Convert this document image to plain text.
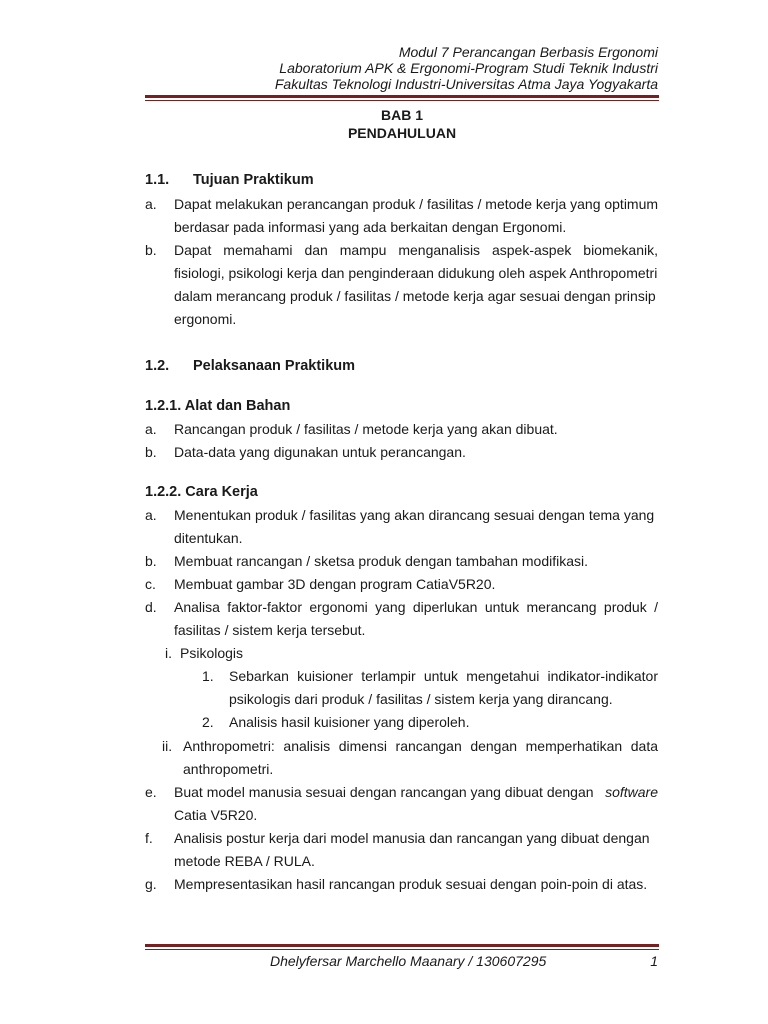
Modul 7 Perancangan Berbasis Ergonomi
Laboratorium APK & Ergonomi-Program Studi Teknik Industri
Fakultas Teknologi Industri-Universitas Atma Jaya Yogyakarta
BAB 1
PENDAHULUAN
1.1. Tujuan Praktikum
a. Dapat melakukan perancangan produk / fasilitas / metode kerja yang optimum
berdasar pada informasi yang ada berkaitan dengan Ergonomi.
b. Dapat memahami dan mampu menganalisis aspek-aspek biomekanik,
fisiologi, psikologi kerja dan penginderaan didukung oleh aspek Anthropometri
dalam merancang produk / fasilitas / metode kerja agar sesuai dengan prinsip
ergonomi.
1.2. Pelaksanaan Praktikum
1.2.1. Alat dan Bahan
a. Rancangan produk / fasilitas / metode kerja yang akan dibuat.
b. Data-data yang digunakan untuk perancangan.
1.2.2. Cara Kerja
a. Menentukan produk / fasilitas yang akan dirancang sesuai dengan tema yang
ditentukan.
b. Membuat rancangan / sketsa produk dengan tambahan modifikasi.
c. Membuat gambar 3D dengan program CatiaV5R20.
d. Analisa faktor-faktor ergonomi yang diperlukan untuk merancang produk /
fasilitas / sistem kerja tersebut.
i. Psikologis
1. Sebarkan kuisioner terlampir untuk mengetahui indikator-indikator
psikologis dari produk / fasilitas / sistem kerja yang dirancang.
2. Analisis hasil kuisioner yang diperoleh.
ii. Anthropometri: analisis dimensi rancangan dengan memperhatikan data
anthropometri.
e. Buat model manusia sesuai dengan rancangan yang dibuat dengan software
Catia V5R20.
f. Analisis postur kerja dari model manusia dan rancangan yang dibuat dengan
metode REBA / RULA.
g. Mempresentasikan hasil rancangan produk sesuai dengan poin-poin di atas.
Dhelyfersar Marchello Maanary / 130607295	1
